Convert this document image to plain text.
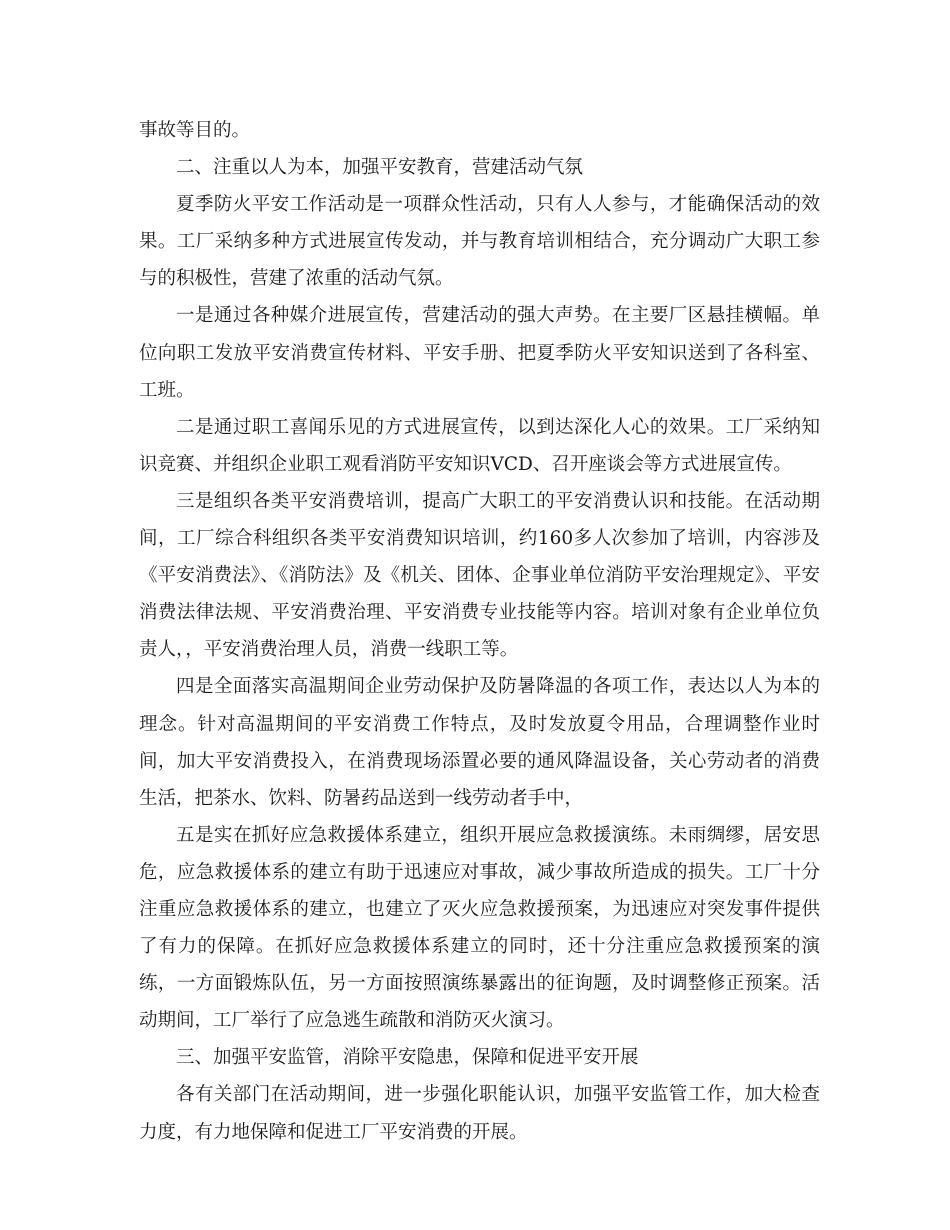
事故等目的。

二、注重以人为本，加强平安教育，营建活动气氛

夏季防火平安工作活动是一项群众性活动，只有人人参与，才能确保活动的效果。工厂采纳多种方式进展宣传发动，并与教育培训相结合，充分调动广大职工参与的积极性，营建了浓重的活动气氛。

一是通过各种媒介进展宣传，营建活动的强大声势。在主要厂区悬挂横幅。单位向职工发放平安消费宣传材料、平安手册、把夏季防火平安知识送到了各科室、工班。

二是通过职工喜闻乐见的方式进展宣传，以到达深化人心的效果。工厂采纳知识竞赛、并组织企业职工观看消防平安知识VCD、召开座谈会等方式进展宣传。

三是组织各类平安消费培训，提高广大职工的平安消费认识和技能。在活动期间，工厂综合科组织各类平安消费知识培训，约160多人次参加了培训，内容涉及《平安消费法》、《消防法》及《机关、团体、企事业单位消防平安治理规定》、平安消费法律法规、平安消费治理、平安消费专业技能等内容。培训对象有企业单位负责人，，平安消费治理人员，消费一线职工等。

四是全面落实高温期间企业劳动保护及防暑降温的各项工作，表达以人为本的理念。针对高温期间的平安消费工作特点，及时发放夏令用品，合理调整作业时间，加大平安消费投入，在消费现场添置必要的通风降温设备，关心劳动者的消费生活，把茶水、饮料、防暑药品送到一线劳动者手中，

五是实在抓好应急救援体系建立，组织开展应急救援演练。未雨绸缪，居安思危，应急救援体系的建立有助于迅速应对事故，减少事故所造成的损失。工厂十分注重应急救援体系的建立，也建立了灭火应急救援预案，为迅速应对突发事件提供了有力的保障。在抓好应急救援体系建立的同时，还十分注重应急救援预案的演练，一方面锻炼队伍，另一方面按照演练暴露出的征询题，及时调整修正预案。活动期间，工厂举行了应急逃生疏散和消防灭火演习。

三、加强平安监管，消除平安隐患，保障和促进平安开展

各有关部门在活动期间，进一步强化职能认识，加强平安监管工作，加大检查力度，有力地保障和促进工厂平安消费的开展。
